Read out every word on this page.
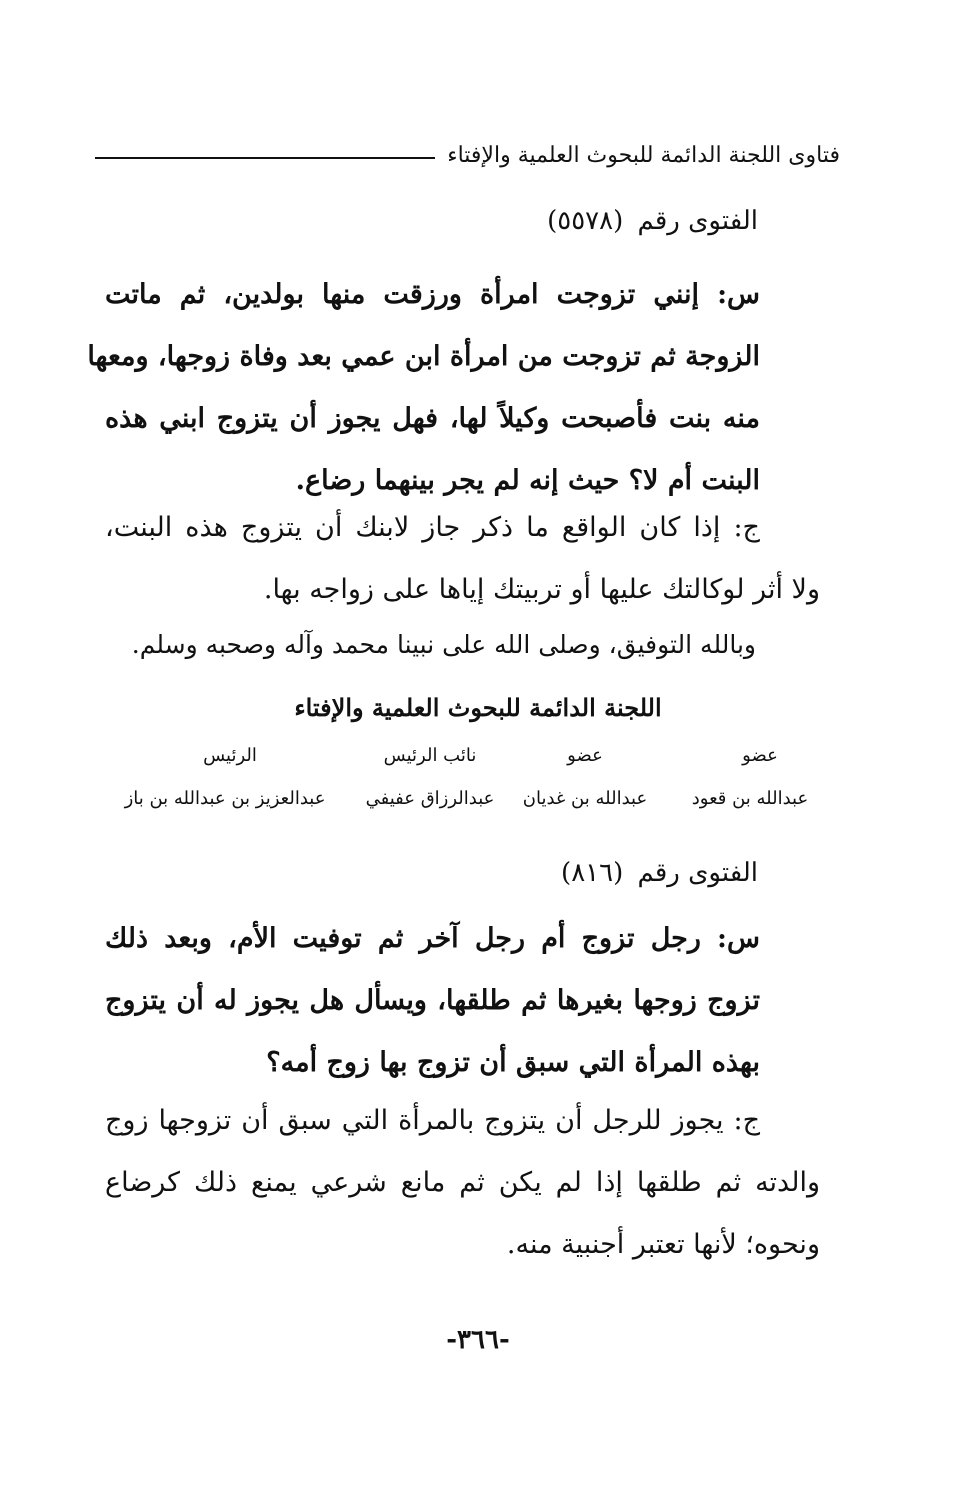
فتاوى اللجنة الدائمة للبحوث العلمية والإفتاء
الفتوى رقم (٥٥٧٨)
س: إنني تزوجت امرأة ورزقت منها بولدين، ثم ماتت
الزوجة ثم تزوجت من امرأة ابن عمي بعد وفاة زوجها، ومعها
منه بنت فأصبحت وكيلاً لها، فهل يجوز أن يتزوج ابني هذه
البنت أم لا؟ حيث إنه لم يجر بينهما رضاع.
ج: إذا كان الواقع ما ذكر جاز لابنك أن يتزوج هذه البنت،
ولا أثر لوكالتك عليها أو تربيتك إياها على زواجه بها.
وبالله التوفيق، وصلى الله على نبينا محمد وآله وصحبه وسلم.
اللجنة الدائمة للبحوث العلمية والإفتاء
عضو
عضو
نائب الرئيس
الرئيس
عبدالله بن قعود
عبدالله بن غديان
عبدالرزاق عفيفي
عبدالعزيز بن عبدالله بن باز
الفتوى رقم (٨١٦)
س: رجل تزوج أم رجل آخر ثم توفيت الأم، وبعد ذلك
تزوج زوجها بغيرها ثم طلقها، ويسأل هل يجوز له أن يتزوج
بهذه المرأة التي سبق أن تزوج بها زوج أمه؟
ج: يجوز للرجل أن يتزوج بالمرأة التي سبق أن تزوجها زوج
والدته ثم طلقها إذا لم يكن ثم مانع شرعي يمنع ذلك كرضاع
ونحوه؛ لأنها تعتبر أجنبية منه.
-٣٦٦-
